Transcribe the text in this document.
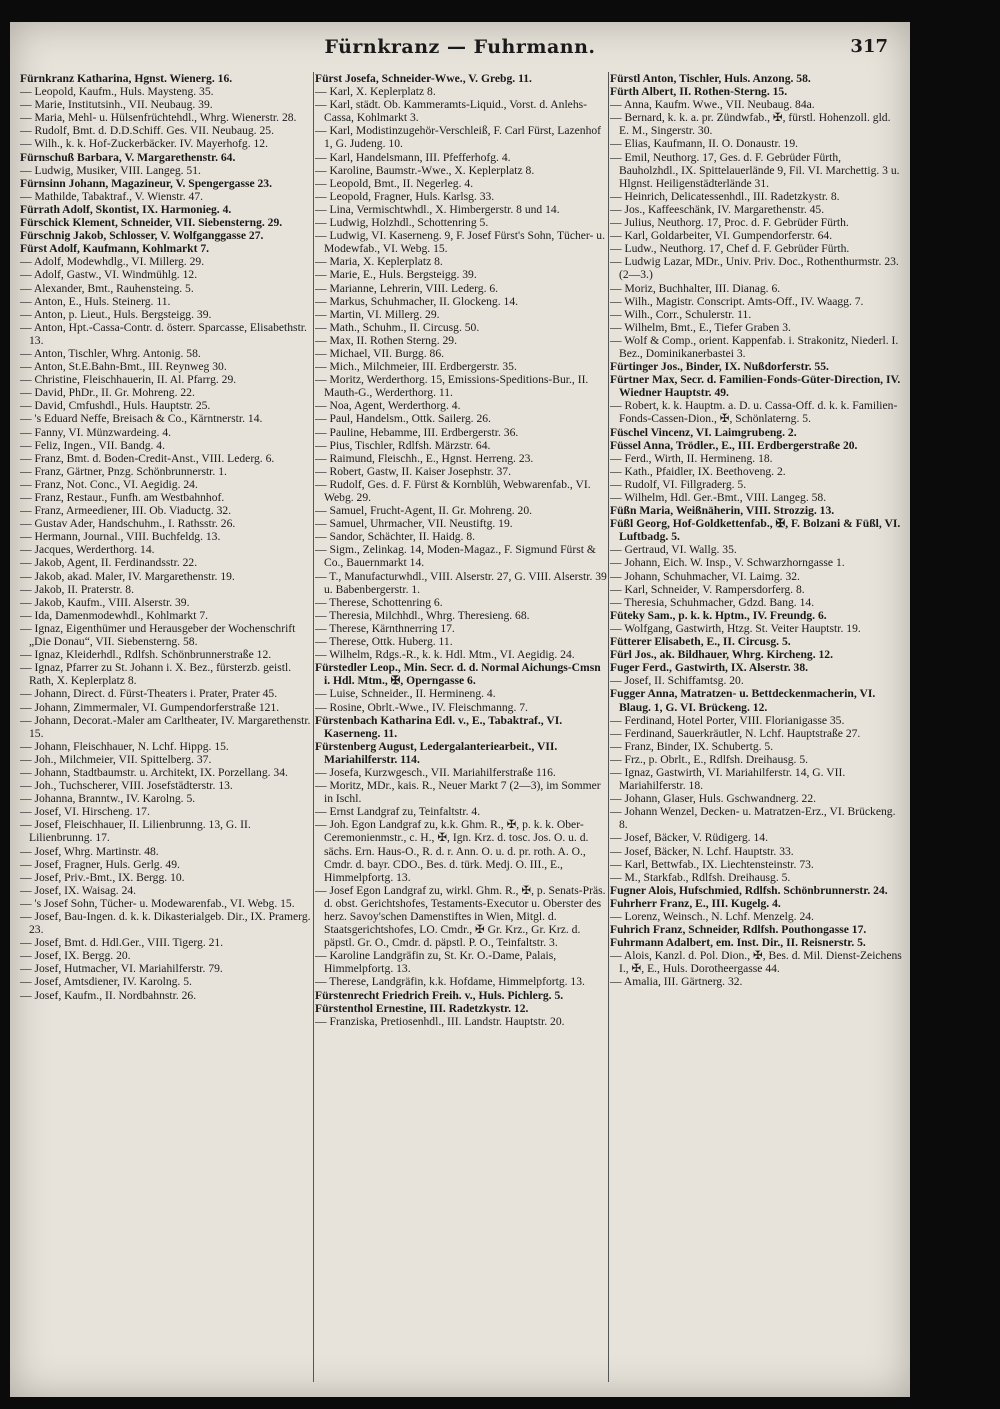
Fürnkranz — Fuhrmann.	317

Fürnkranz Katharina, Hgnst. Wienerg. 16.

— Leopold, Kaufm., Huls. Maysteng. 35.

— Marie, Institutsinh., VII. Neubaug. 39.

— Maria, Mehl- u. Hülsenfrüchtehdl., Whrg. Wienerstr. 28.

— Rudolf, Bmt. d. D.D.Schiff. Ges. VII. Neubaug. 25.

— Wilh., k. k. Hof-Zuckerbäcker. IV. Mayerhofg. 12.

Fürnschuß Barbara, V. Margarethenstr. 64.

— Ludwig, Musiker, VIII. Langeg. 51.

Fürnsinn Johann, Magazineur, V. Spengergasse 23.

— Mathilde, Tabaktraf., V. Wienstr. 47.

Fürrath Adolf, Skontist, IX. Harmonieg. 4.

Fürschick Klement, Schneider, VII. Siebensterng. 29.

Fürschnig Jakob, Schlosser, V. Wolfganggasse 27.

Fürst Adolf, Kaufmann, Kohlmarkt 7.

— Adolf, Modewhdlg., VI. Millerg. 29.

— Adolf, Gastw., VI. Windmühlg. 12.

— Alexander, Bmt., Rauhensteing. 5.

— Anton, E., Huls. Steinerg. 11.

— Anton, p. Lieut., Huls. Bergsteigg. 39.

— Anton, Hpt.-Cassa-Contr. d. österr. Sparcasse, Elisabethstr. 13.

— Anton, Tischler, Whrg. Antonig. 58.

— Anton, St.E.Bahn-Bmt., III. Reynweg 30.

— Christine, Fleischhauerin, II. Al. Pfarrg. 29.

— David, PhDr., II. Gr. Mohreng. 22.

— David, Cmfushdl., Huls. Hauptstr. 25.

— 's Eduard Neffe, Breisach & Co., Kärntnerstr. 14.

— Fanny, VI. Münzwardeing. 4.

— Feliz, Ingen., VII. Bandg. 4.

— Franz, Bmt. d. Boden-Credit-Anst., VIII. Lederg. 6.

— Franz, Gärtner, Pnzg. Schönbrunnerstr. 1.

— Franz, Not. Conc., VI. Aegidig. 24.

— Franz, Restaur., Funfh. am Westbahnhof.

— Franz, Armeediener, III. Ob. Viaductg. 32.

— Gustav Ader, Handschuhm., I. Rathsstr. 26.

— Hermann, Journal., VIII. Buchfeldg. 13.

— Jacques, Werderthorg. 14.

— Jakob, Agent, II. Ferdinandsstr. 22.

— Jakob, akad. Maler, IV. Margarethenstr. 19.

— Jakob, II. Praterstr. 8.

— Jakob, Kaufm., VIII. Alserstr. 39.

— Ida, Damenmodewhdl., Kohlmarkt 7.

— Ignaz, Eigenthümer und Herausgeber der Wochenschrift „Die Donau“, VII. Siebensterng. 58.

— Ignaz, Kleiderhdl., Rdlfsh. Schönbrunnerstraße 12.

— Ignaz, Pfarrer zu St. Johann i. X. Bez., fürsterzb. geistl. Rath, X. Keplerplatz 8.

— Johann, Direct. d. Fürst-Theaters i. Prater, Prater 45.

— Johann, Zimmermaler, VI. Gumpendorferstraße 121.

— Johann, Decorat.-Maler am Carltheater, IV. Margarethenstr. 15.

— Johann, Fleischhauer, N. Lchf. Hippg. 15.

— Joh., Milchmeier, VII. Spittelberg. 37.

— Johann, Stadtbaumstr. u. Architekt, IX. Porzellang. 34.

— Joh., Tuchscherer, VIII. Josefstädterstr. 13.

— Johanna, Branntw., IV. Karolng. 5.

— Josef, VI. Hirscheng. 17.

— Josef, Fleischhauer, II. Lilienbrunng. 13, G. II. Lilienbrunng. 17.

— Josef, Whrg. Martinstr. 48.

— Josef, Fragner, Huls. Gerlg. 49.

— Josef, Priv.-Bmt., IX. Bergg. 10.

— Josef, IX. Waisag. 24.

— 's Josef Sohn, Tücher- u. Modewarenfab., VI. Webg. 15.

— Josef, Bau-Ingen. d. k. k. Dikasterialgeb. Dir., IX. Pramerg. 23.

— Josef, Bmt. d. Hdl.Ger., VIII. Tigerg. 21.

— Josef, IX. Bergg. 20.

— Josef, Hutmacher, VI. Mariahilferstr. 79.

— Josef, Amtsdiener, IV. Karolng. 5.

— Josef, Kaufm., II. Nordbahnstr. 26.

Fürst Josefa, Schneider-Wwe., V. Grebg. 11.

— Karl, X. Keplerplatz 8.

— Karl, städt. Ob. Kammeramts-Liquid., Vorst. d. Anlehs-Cassa, Kohlmarkt 3.

— Karl, Modistinzugehör-Verschleiß, F. Carl Fürst, Lazenhof 1, G. Judeng. 10.

— Karl, Handelsmann, III. Pfefferhofg. 4.

— Karoline, Baumstr.-Wwe., X. Keplerplatz 8.

— Leopold, Bmt., II. Negerleg. 4.

— Leopold, Fragner, Huls. Karlsg. 33.

— Lina, Vermischtwhdl., X. Himbergerstr. 8 und 14.

— Ludwig, Holzhdl., Schottenring 5.

— Ludwig, VI. Kaserneng. 9, F. Josef Fürst's Sohn, Tücher- u. Modewfab., VI. Webg. 15.

— Maria, X. Keplerplatz 8.

— Marie, E., Huls. Bergsteigg. 39.

— Marianne, Lehrerin, VIII. Lederg. 6.

— Markus, Schuhmacher, II. Glockeng. 14.

— Martin, VI. Millerg. 29.

— Math., Schuhm., II. Circusg. 50.

— Max, II. Rothen Sterng. 29.

— Michael, VII. Burgg. 86.

— Mich., Milchmeier, III. Erdbergerstr. 35.

— Moritz, Werderthorg. 15, Emissions-Speditions-Bur., II. Mauth-G., Werderthorg. 11.

— Noa, Agent, Werderthorg. 4.

— Paul, Handelsm., Ottk. Sailerg. 26.

— Pauline, Hebamme, III. Erdbergerstr. 36.

— Pius, Tischler, Rdlfsh. Märzstr. 64.

— Raimund, Fleischh., E., Hgnst. Herreng. 23.

— Robert, Gastw, II. Kaiser Josephstr. 37.

— Rudolf, Ges. d. F. Fürst & Kornblüh, Webwarenfab., VI. Webg. 29.

— Samuel, Frucht-Agent, II. Gr. Mohreng. 20.

— Samuel, Uhrmacher, VII. Neustiftg. 19.

— Sandor, Schächter, II. Haidg. 8.

— Sigm., Zelinkag. 14, Moden-Magaz., F. Sigmund Fürst & Co., Bauernmarkt 14.

— T., Manufacturwhdl., VIII. Alserstr. 27, G. VIII. Alserstr. 39 u. Babenbergerstr. 1.

— Therese, Schottenring 6.

— Theresia, Milchhdl., Whrg. Theresieng. 68.

— Therese, Kärnthnerring 17.

— Therese, Ottk. Huberg. 11.

— Wilhelm, Rdgs.-R., k. k. Hdl. Mtm., VI. Aegidig. 24.

Fürstedler Leop., Min. Secr. d. d. Normal Aichungs-Cmsn i. Hdl. Mtm., ✠, Operngasse 6.

— Luise, Schneider., II. Hermineng. 4.

— Rosine, Obrlt.-Wwe., IV. Fleischmanng. 7.

Fürstenbach Katharina Edl. v., E., Tabaktraf., VI. Kaserneng. 11.

Fürstenberg August, Ledergalanteriearbeit., VII. Mariahilferstr. 114.

— Josefa, Kurzwgesch., VII. Mariahilferstraße 116.

— Moritz, MDr., kais. R., Neuer Markt 7 (2—3), im Sommer in Ischl.

— Ernst Landgraf zu, Teinfaltstr. 4.

— Joh. Egon Landgraf zu, k.k. Ghm. R., ✠, p. k. k. Ober-Ceremonienmstr., c. H., ✠, Ign. Krz. d. tosc. Jos. O. u. d. sächs. Ern. Haus-O., R. d. r. Ann. O. u. d. pr. roth. A. O., Cmdr. d. bayr. CDO., Bes. d. türk. Medj. O. III., E., Himmelpfortg. 13.

— Josef Egon Landgraf zu, wirkl. Ghm. R., ✠, p. Senats-Präs. d. obst. Gerichtshofes, Testaments-Executor u. Oberster des herz. Savoy'schen Damenstiftes in Wien, Mitgl. d. Staatsgerichtshofes, LO. Cmdr., ✠ Gr. Krz., Gr. Krz. d. päpstl. Gr. O., Cmdr. d. päpstl. P. O., Teinfaltstr. 3.

— Karoline Landgräfin zu, St. Kr. O.-Dame, Palais, Himmelpfortg. 13.

— Therese, Landgräfin, k.k. Hofdame, Himmelpfortg. 13.

Fürstenrecht Friedrich Freih. v., Huls. Pichlerg. 5.

Fürstenthol Ernestine, III. Radetzkystr. 12.

— Franziska, Pretiosenhdl., III. Landstr. Hauptstr. 20.

Fürstl Anton, Tischler, Huls. Anzong. 58.

Fürth Albert, II. Rothen-Sterng. 15.

— Anna, Kaufm. Wwe., VII. Neubaug. 84a.

— Bernard, k. k. a. pr. Zündwfab., ✠, fürstl. Hohenzoll. gld. E. M., Singerstr. 30.

— Elias, Kaufmann, II. O. Donaustr. 19.

— Emil, Neuthorg. 17, Ges. d. F. Gebrüder Fürth, Bauholzhdl., IX. Spittelauerlände 9, Fil. VI. Marchettig. 3 u. Hlgnst. Heiligenstädterlände 31.

— Heinrich, Delicatessenhdl., III. Radetzkystr. 8.

— Jos., Kaffeeschänk, IV. Margarethenstr. 45.

— Julius, Neuthorg. 17, Proc. d. F. Gebrüder Fürth.

— Karl, Goldarbeiter, VI. Gumpendorferstr. 64.

— Ludw., Neuthorg. 17, Chef d. F. Gebrüder Fürth.

— Ludwig Lazar, MDr., Univ. Priv. Doc., Rothenthurmstr. 23. (2—3.)

— Moriz, Buchhalter, III. Dianag. 6.

— Wilh., Magistr. Conscript. Amts-Off., IV. Waagg. 7.

— Wilh., Corr., Schulerstr. 11.

— Wilhelm, Bmt., E., Tiefer Graben 3.

— Wolf & Comp., orient. Kappenfab. i. Strakonitz, Niederl. I. Bez., Dominikanerbastei 3.

Fürtinger Jos., Binder, IX. Nußdorferstr. 55.

Fürtner Max, Secr. d. Familien-Fonds-Güter-Direction, IV. Wiedner Hauptstr. 49.

— Robert, k. k. Hauptm. a. D. u. Cassa-Off. d. k. k. Familien-Fonds-Cassen-Dion., ✠, Schönlaterng. 5.

Füschel Vincenz, VI. Laimgrubeng. 2.

Füssel Anna, Trödler., E., III. Erdbergerstraße 20.

— Ferd., Wirth, II. Hermineng. 18.

— Kath., Pfaidler, IX. Beethoveng. 2.

— Rudolf, VI. Fillgraderg. 5.

— Wilhelm, Hdl. Ger.-Bmt., VIII. Langeg. 58.

Füßn Maria, Weißnäherin, VIII. Strozzig. 13.

Füßl Georg, Hof-Goldkettenfab., ✠, F. Bolzani & Füßl, VI. Luftbadg. 5.

— Gertraud, VI. Wallg. 35.

— Johann, Eich. W. Insp., V. Schwarzhorngasse 1.

— Johann, Schuhmacher, VI. Laimg. 32.

— Karl, Schneider, V. Rampersdorferg. 8.

— Theresia, Schuhmacher, Gdzd. Bang. 14.

Füteky Sam., p. k. k. Hptm., IV. Freundg. 6.

— Wolfgang, Gastwirth, Htzg. St. Veiter Hauptstr. 19.

Fütterer Elisabeth, E., II. Circusg. 5.

Fürl Jos., ak. Bildhauer, Whrg. Kircheng. 12.

Fuger Ferd., Gastwirth, IX. Alserstr. 38.

— Josef, II. Schiffamtsg. 20.

Fugger Anna, Matratzen- u. Bettdeckenmacherin, VI. Blaug. 1, G. VI. Brückeng. 12.

— Ferdinand, Hotel Porter, VIII. Florianigasse 35.

— Ferdinand, Sauerkräutler, N. Lchf. Hauptstraße 27.

— Franz, Binder, IX. Schubertg. 5.

— Frz., p. Obrlt., E., Rdlfsh. Dreihausg. 5.

— Ignaz, Gastwirth, VI. Mariahilferstr. 14, G. VII. Mariahilferstr. 18.

— Johann, Glaser, Huls. Gschwandnerg. 22.

— Johann Wenzel, Decken- u. Matratzen-Erz., VI. Brückeng. 8.

— Josef, Bäcker, V. Rüdigerg. 14.

— Josef, Bäcker, N. Lchf. Hauptstr. 33.

— Karl, Bettwfab., IX. Liechtensteinstr. 73.

— M., Starkfab., Rdlfsh. Dreihausg. 5.

Fugner Alois, Hufschmied, Rdlfsh. Schönbrunnerstr. 24.

Fuhrherr Franz, E., III. Kugelg. 4.

— Lorenz, Weinsch., N. Lchf. Menzelg. 24.

Fuhrich Franz, Schneider, Rdlfsh. Pouthongasse 17.

Fuhrmann Adalbert, em. Inst. Dir., II. Reisnerstr. 5.

— Alois, Kanzl. d. Pol. Dion., ✠, Bes. d. Mil. Dienst-Zeichens I., ✠, E., Huls. Dorotheergasse 44.

— Amalia, III. Gärtnerg. 32.
